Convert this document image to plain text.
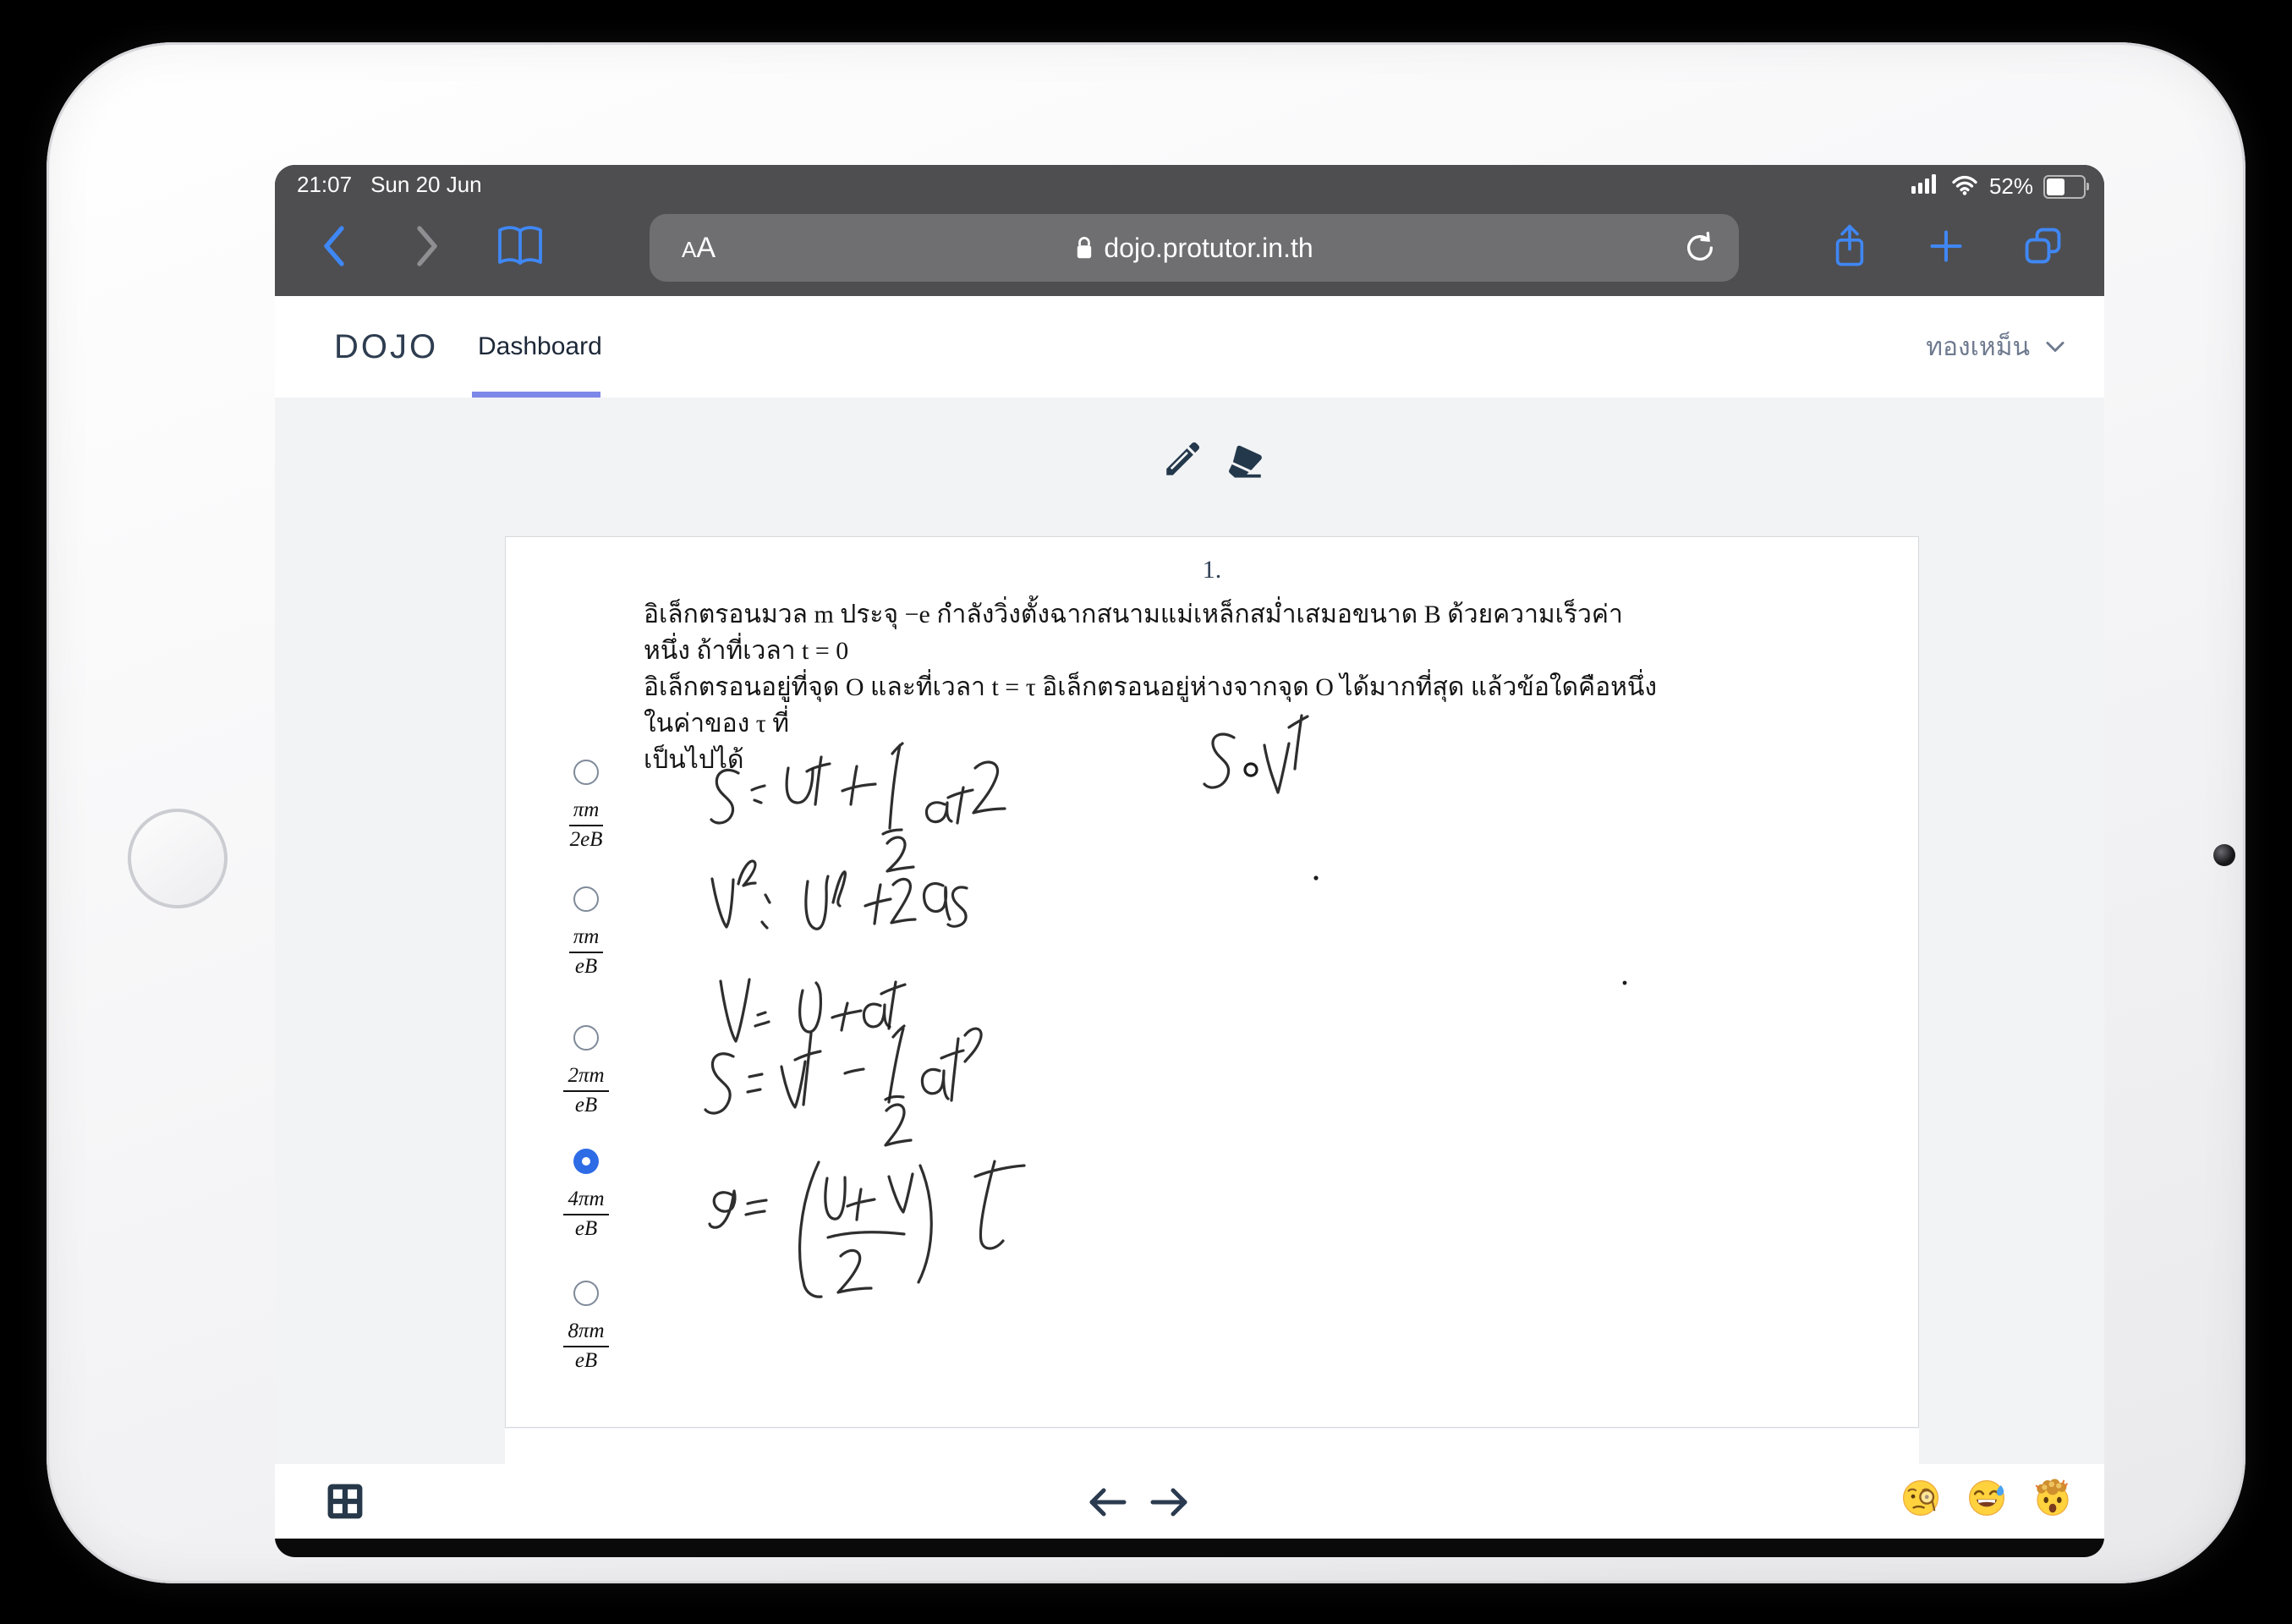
21:07 Sun 20 Jun	52%
AA	dojo.protutor.in.th
DOJO Dashboard	ทองเหม็น
1.
อิเล็กตรอนมวล m ประจุ −e กำลังวิ่งตั้งฉากสนามแม่เหล็กสม่ำเสมอขนาด B ด้วยความเร็วค่าหนึ่ง ถ้าที่เวลา t = 0
อิเล็กตรอนอยู่ที่จุด O และที่เวลา t = τ อิเล็กตรอนอยู่ห่างจากจุด O ได้มากที่สุด แล้วข้อใดคือหนึ่งในค่าของ τ ที่
เป็นไปได้
$\frac{\pi m}{2eB}$
$\frac{\pi m}{eB}$
$\frac{2\pi m}{eB}$
$\frac{4\pi m}{eB}$
$\frac{8\pi m}{eB}$
